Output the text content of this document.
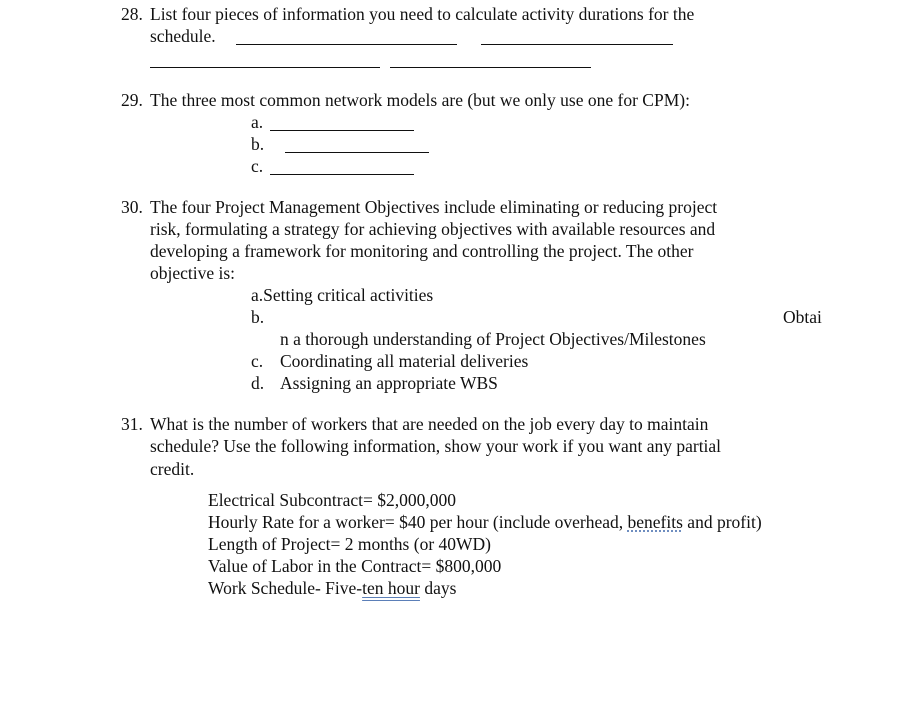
28. List four pieces of information you need to calculate activity durations for the
schedule.
29. The three most common network models are (but we only use one for CPM):
a.
b.
c.
30. The four Project Management Objectives include eliminating or reducing project
risk, formulating a strategy for achieving objectives with available resources and
developing a framework for monitoring and controlling the project. The other
objective is:
a.Setting critical activities
b.	Obtai
n a thorough understanding of Project Objectives/Milestones
c. Coordinating all material deliveries
d. Assigning an appropriate WBS
31. What is the number of workers that are needed on the job every day to maintain
schedule? Use the following information, show your work if you want any partial
credit.
Electrical Subcontract= $2,000,000
Hourly Rate for a worker= $40 per hour (include overhead, benefits and profit)
Length of Project= 2 months (or 40WD)
Value of Labor in the Contract= $800,000
Work Schedule- Five-ten hour days
